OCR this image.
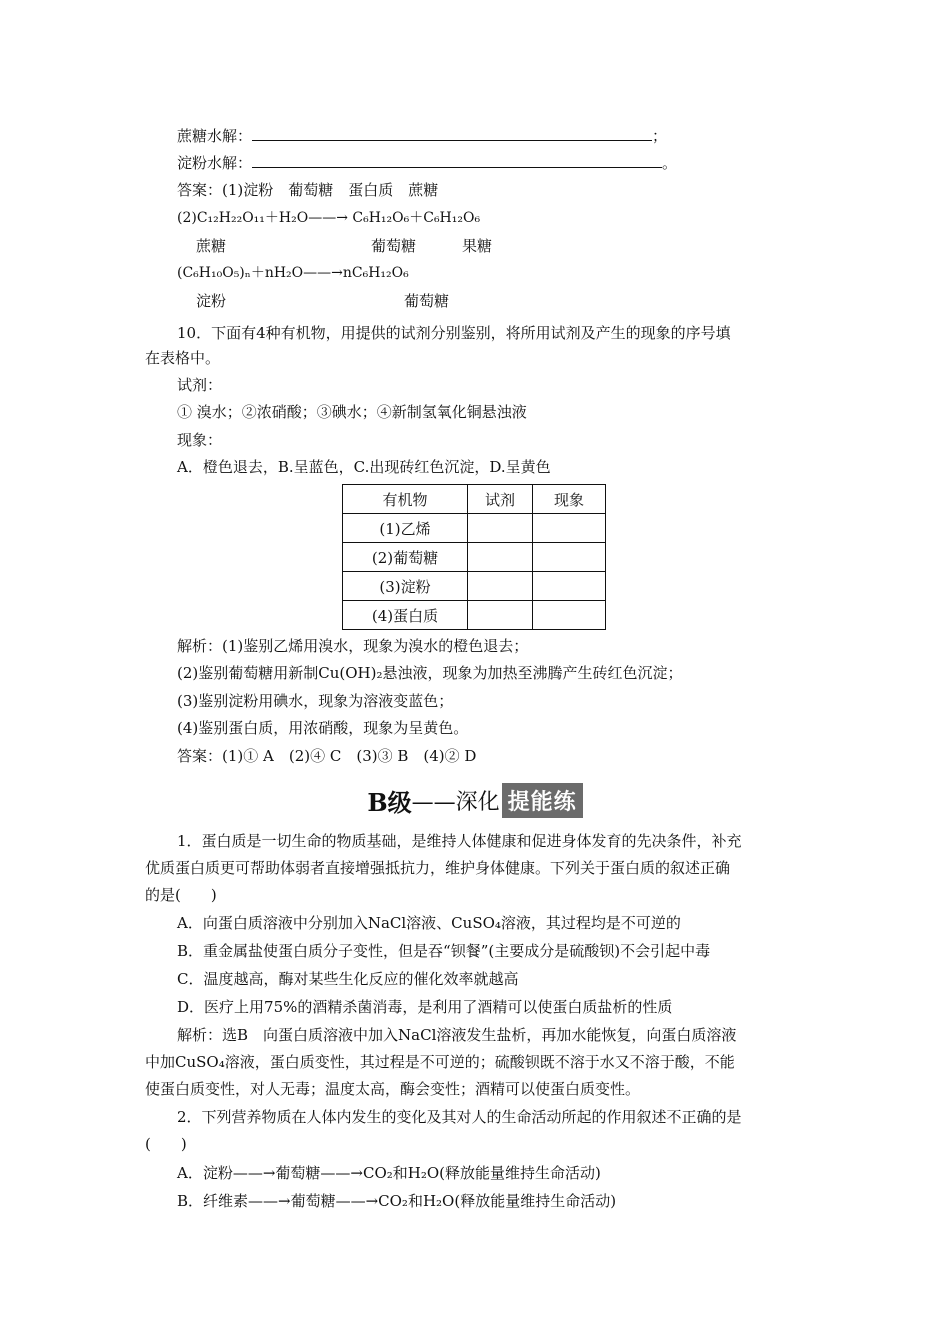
蔗糖水解：	；
淀粉水解：	。
答案：(1)淀粉　葡萄糖　蛋白质　蔗糖
(2)C₁₂H₂₂O₁₁＋H₂O——→ C₆H₁₂O₆＋C₆H₁₂O₆
蔗糖	葡萄糖	果糖
(C₆H₁₀O₅)ₙ＋nH₂O——→nC₆H₁₂O₆
淀粉	葡萄糖
10．下面有4种有机物，用提供的试剂分别鉴别，将所用试剂及产生的现象的序号填
在表格中。
试剂：
① 溴水；②浓硝酸；③碘水；④新制氢氧化铜悬浊液
现象：
A．橙色退去，B.呈蓝色，C.出现砖红色沉淀，D.呈黄色
有机物	试剂	现象
(1)乙烯		
(2)葡萄糖		
(3)淀粉		
(4)蛋白质		
解析：(1)鉴别乙烯用溴水，现象为溴水的橙色退去；
(2)鉴别葡萄糖用新制Cu(OH)₂悬浊液，现象为加热至沸腾产生砖红色沉淀；
(3)鉴别淀粉用碘水，现象为溶液变蓝色；
(4)鉴别蛋白质，用浓硝酸，现象为呈黄色。
答案：(1)① A　(2)④ C　(3)③ B　(4)② D
B级——深化 提能练
1．蛋白质是一切生命的物质基础，是维持人体健康和促进身体发育的先决条件，补充
优质蛋白质更可帮助体弱者直接增强抵抗力，维护身体健康。下列关于蛋白质的叙述正确
的是(　　)
A．向蛋白质溶液中分别加入NaCl溶液、CuSO₄溶液，其过程均是不可逆的
B．重金属盐使蛋白质分子变性，但是吞“钡餐”(主要成分是硫酸钡)不会引起中毒
C．温度越高，酶对某些生化反应的催化效率就越高
D．医疗上用75%的酒精杀菌消毒，是利用了酒精可以使蛋白质盐析的性质
解析：选B　向蛋白质溶液中加入NaCl溶液发生盐析，再加水能恢复，向蛋白质溶液
中加CuSO₄溶液，蛋白质变性，其过程是不可逆的；硫酸钡既不溶于水又不溶于酸，不能
使蛋白质变性，对人无毒；温度太高，酶会变性；酒精可以使蛋白质变性。
2．下列营养物质在人体内发生的变化及其对人的生命活动所起的作用叙述不正确的是
(　　)
A．淀粉——→葡萄糖——→CO₂和H₂O(释放能量维持生命活动)
B．纤维素——→葡萄糖——→CO₂和H₂O(释放能量维持生命活动)
